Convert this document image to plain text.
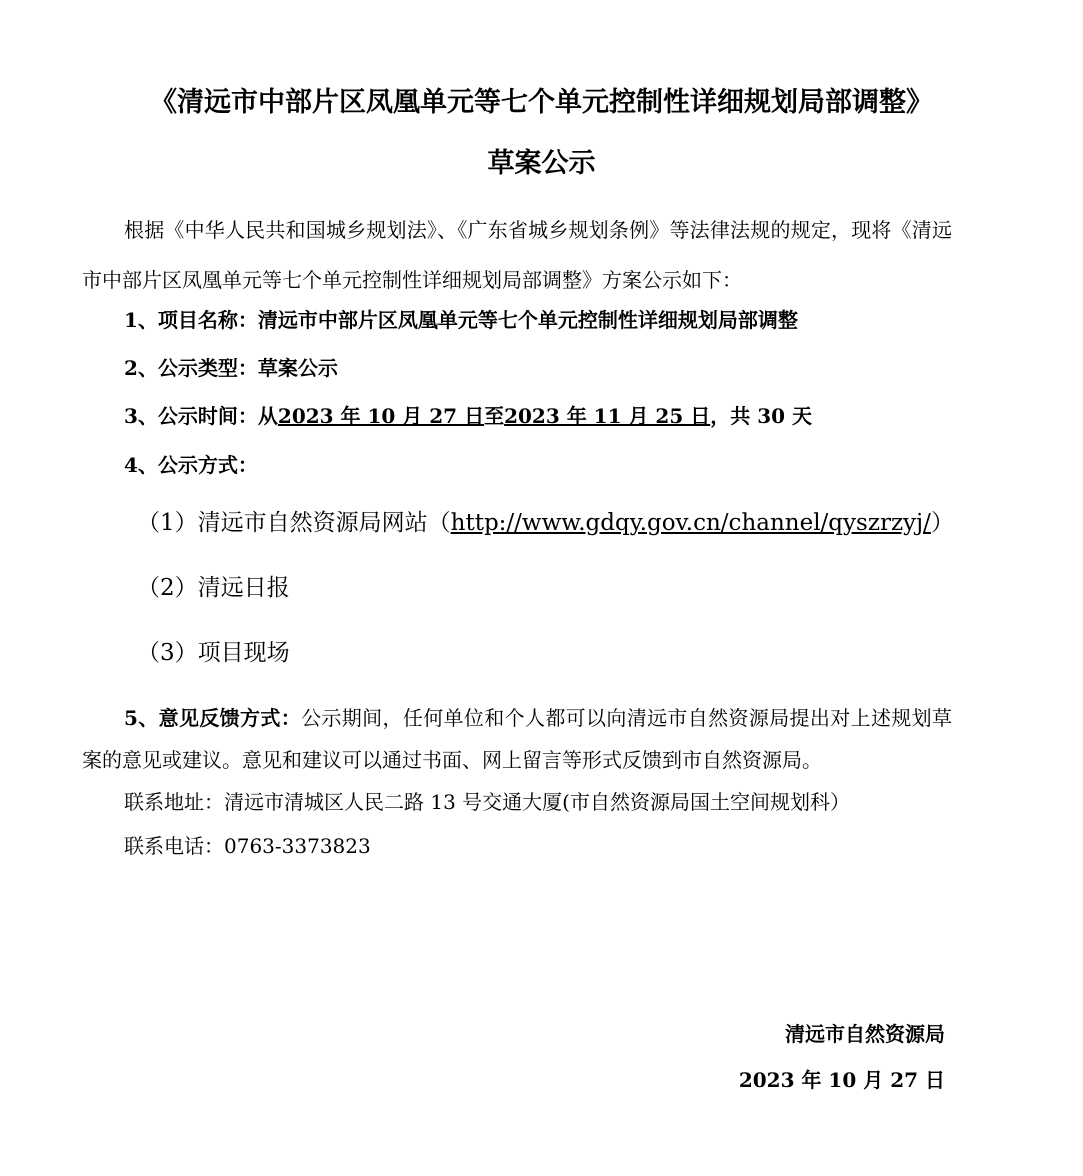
《清远市中部片区凤凰单元等七个单元控制性详细规划局部调整》
草案公示

根据《中华人民共和国城乡规划法》、《广东省城乡规划条例》等法律法规的规定，现将《清远市中部片区凤凰单元等七个单元控制性详细规划局部调整》方案公示如下：

1、项目名称：清远市中部片区凤凰单元等七个单元控制性详细规划局部调整

2、公示类型：草案公示

3、公示时间：从2023 年 10 月 27 日至2023 年 11 月 25 日，共 30 天

4、公示方式：

（1）清远市自然资源局网站（http://www.gdqy.gov.cn/channel/qyszrzyj/）

（2）清远日报

（3）项目现场

5、意见反馈方式：公示期间，任何单位和个人都可以向清远市自然资源局提出对上述规划草案的意见或建议。意见和建议可以通过书面、网上留言等形式反馈到市自然资源局。

联系地址：清远市清城区人民二路 13 号交通大厦(市自然资源局国土空间规划科）

联系电话：0763-3373823

清远市自然资源局

2023 年 10 月 27 日
